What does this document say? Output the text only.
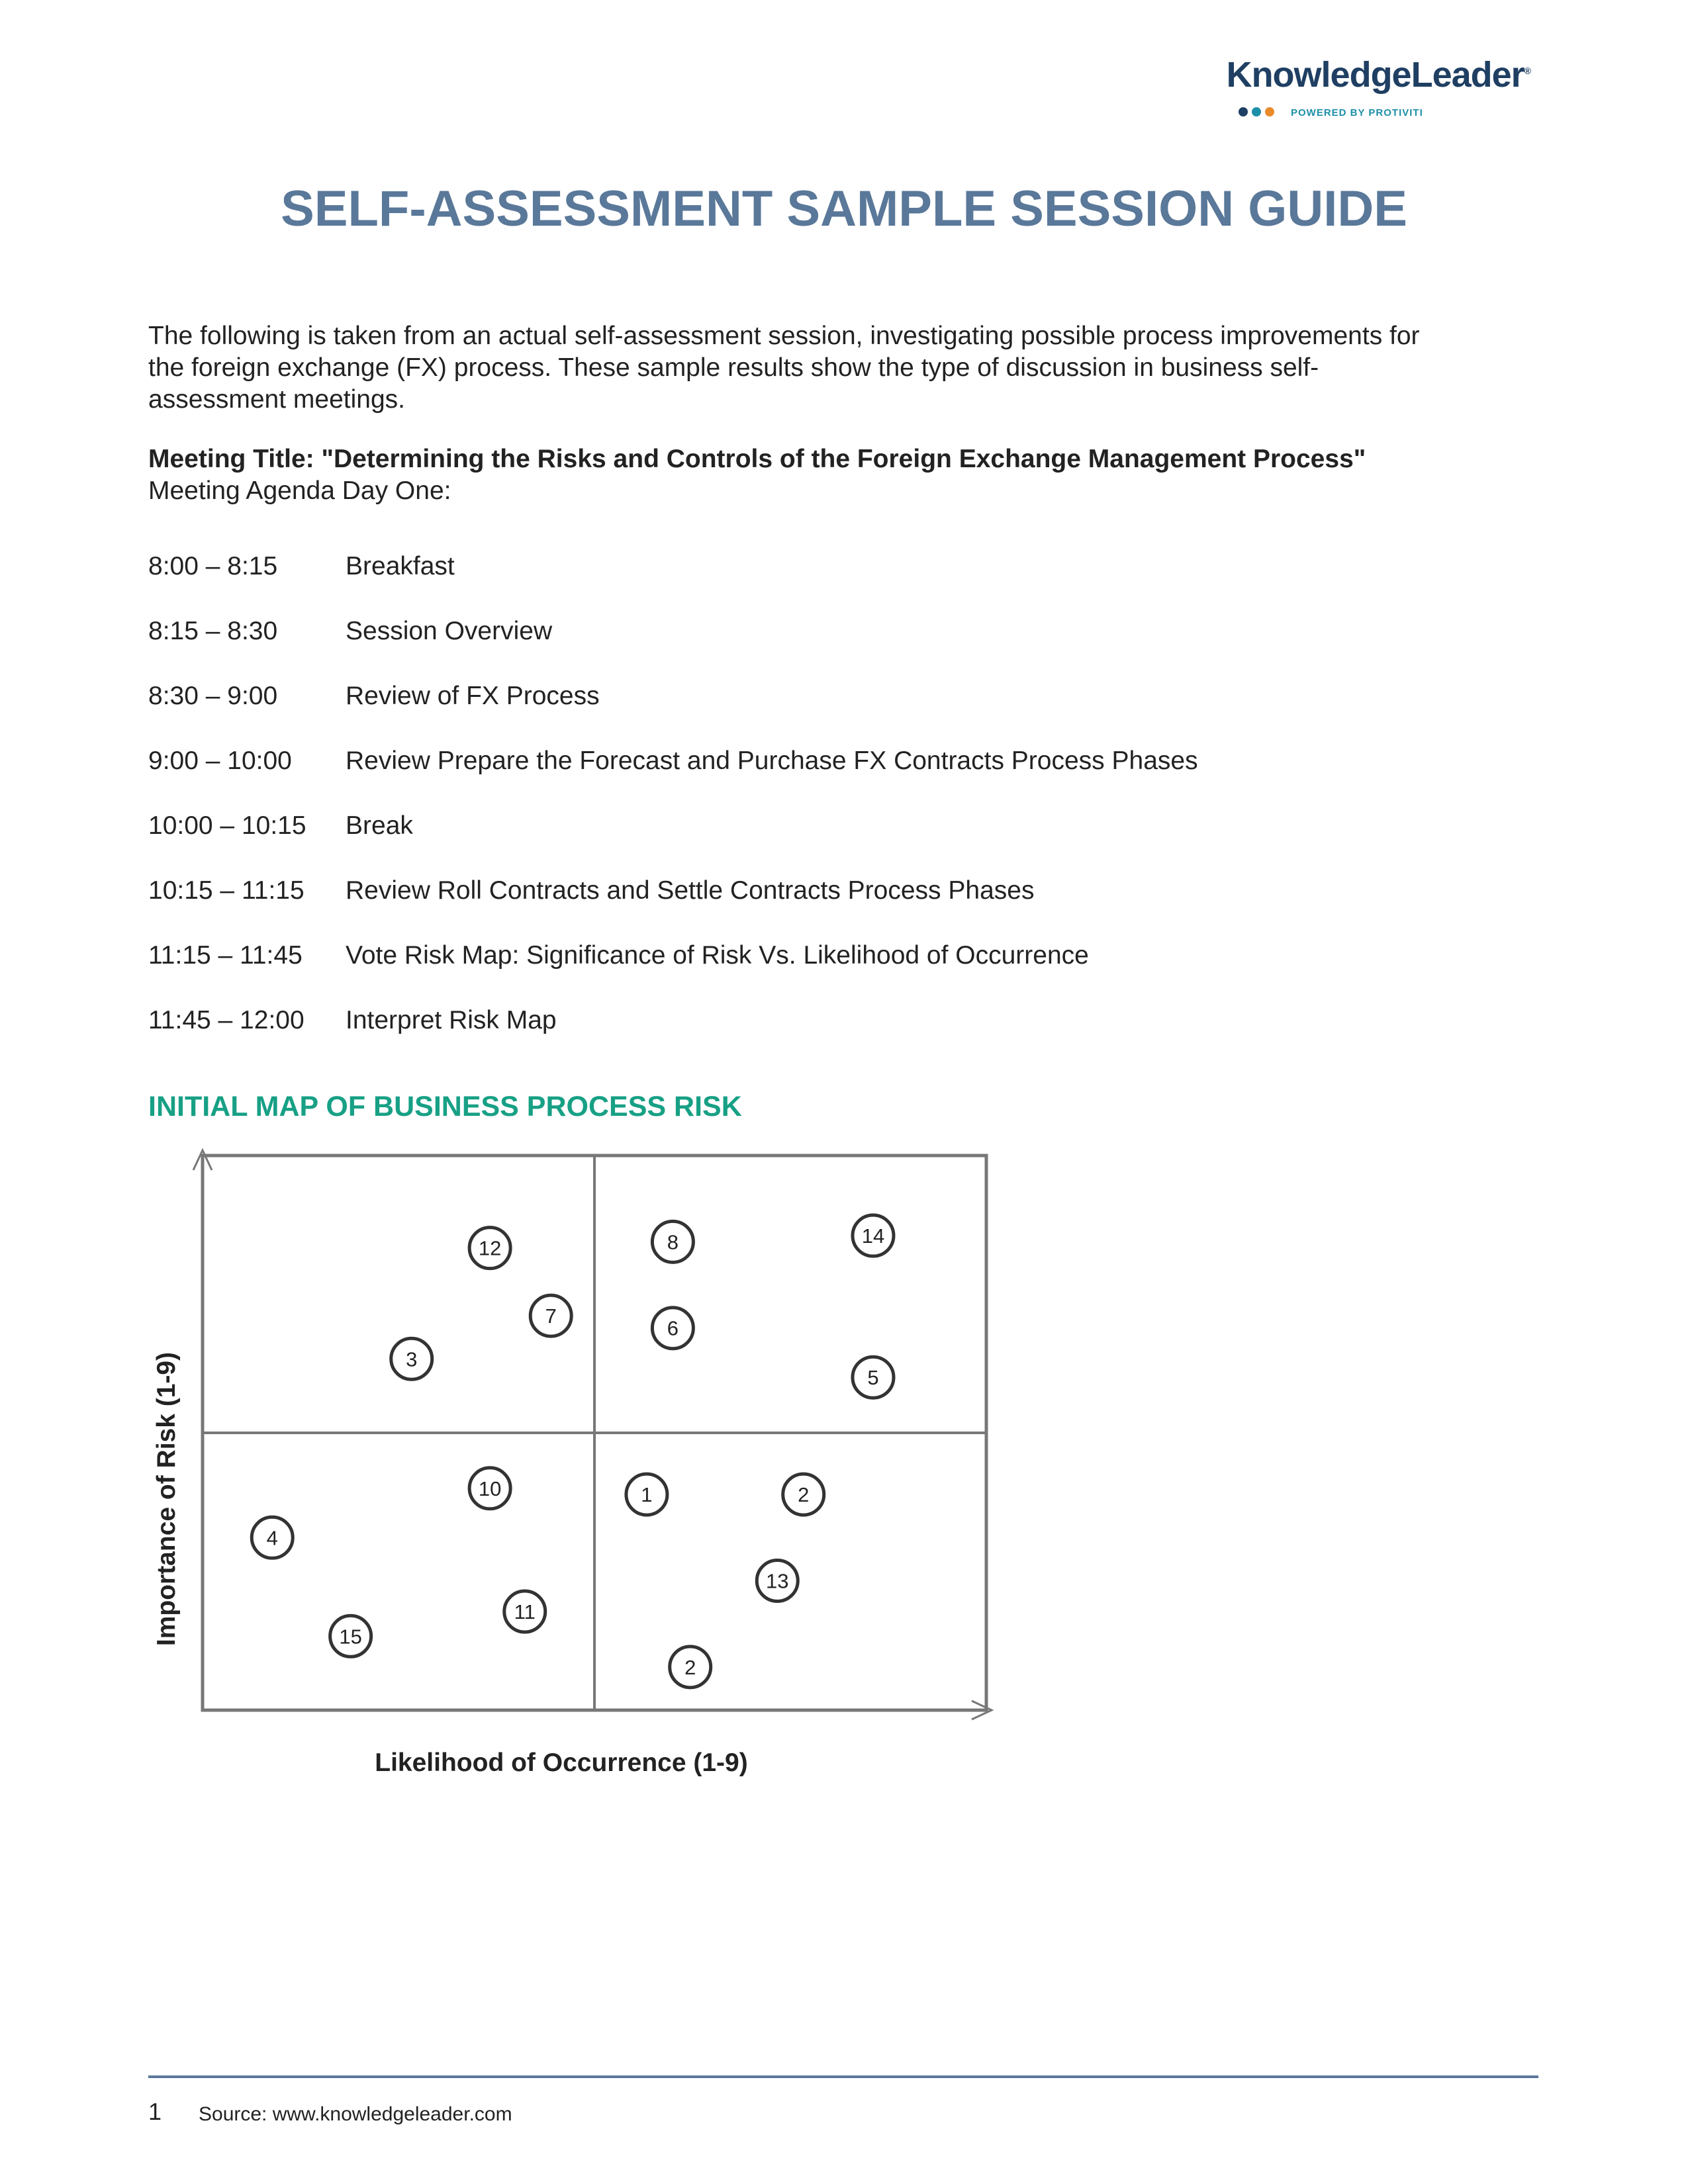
KnowledgeLeader®
POWERED BY PROTIVITI
SELF-ASSESSMENT SAMPLE SESSION GUIDE
The following is taken from an actual self-assessment session, investigating possible process improvements for
the foreign exchange (FX) process. These sample results show the type of discussion in business self-
assessment meetings.
Meeting Title: "Determining the Risks and Controls of the Foreign Exchange Management Process"
Meeting Agenda Day One:
8:00 – 8:15	Breakfast
8:15 – 8:30	Session Overview
8:30 – 9:00	Review of FX Process
9:00 – 10:00 Review Prepare the Forecast and Purchase FX Contracts Process Phases
10:00 – 10:15 Break
10:15 – 11:15 Review Roll Contracts and Settle Contracts Process Phases
11:15 – 11:45 Vote Risk Map: Significance of Risk Vs. Likelihood of Occurrence
11:45 – 12:00 Interpret Risk Map
INITIAL MAP OF BUSINESS PROCESS RISK
12
7
3
8	14
6
5
10	1	2
4
13
11
15
2
Likelihood of Occurrence (1-9)
Importance of Risk (1-9)
1 Source: www.knowledgeleader.com
